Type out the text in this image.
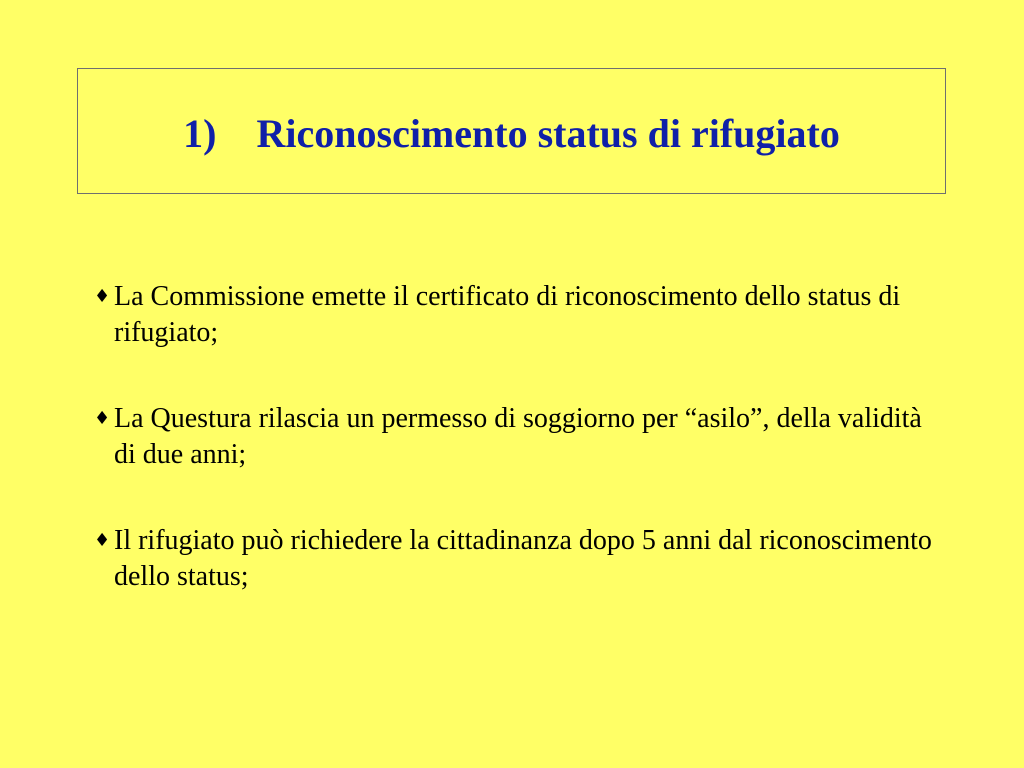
1) Riconoscimento status di rifugiato
♦ La Commissione emette il certificato di riconoscimento dello status di rifugiato;
♦ La Questura rilascia un permesso di soggiorno per “asilo”, della validità di due anni;
♦ Il rifugiato può richiedere la cittadinanza dopo 5 anni dal riconoscimento dello status;
